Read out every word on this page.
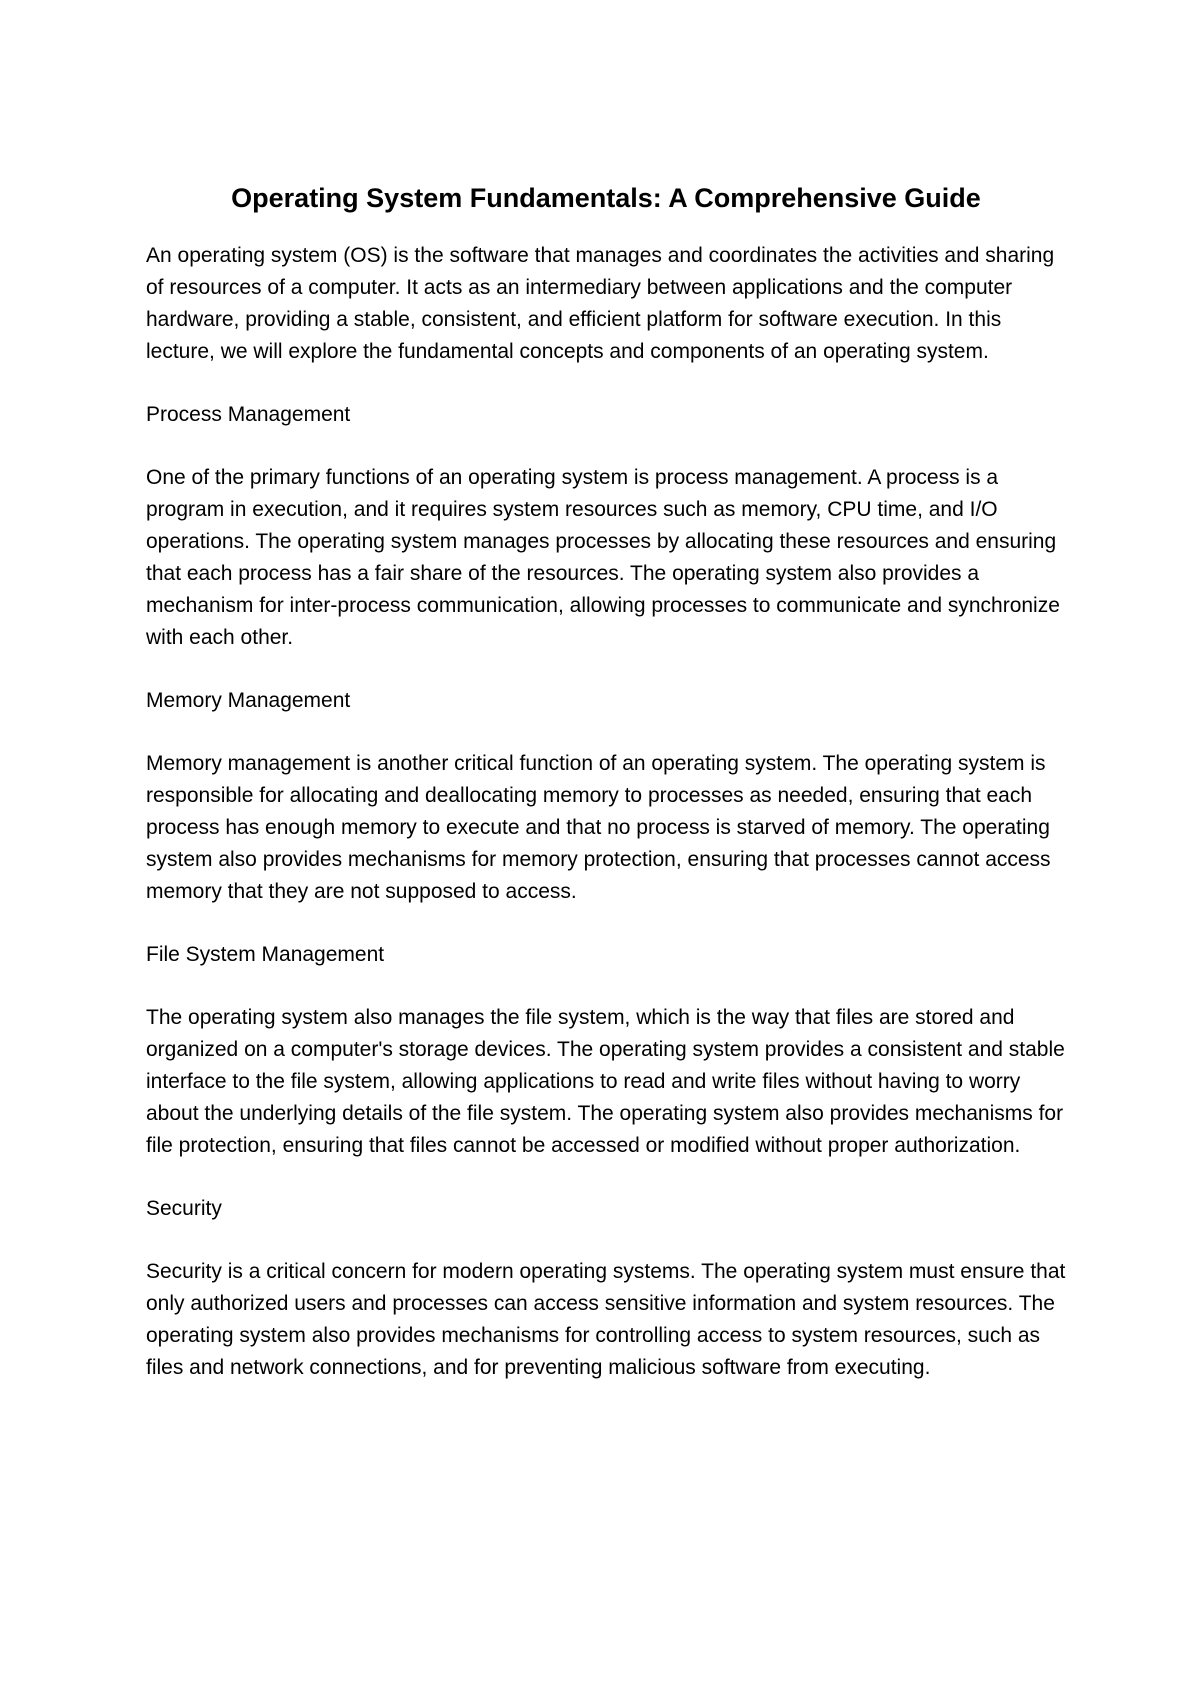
Operating System Fundamentals: A Comprehensive Guide

An operating system (OS) is the software that manages and coordinates the activities and sharing of resources of a computer. It acts as an intermediary between applications and the computer hardware, providing a stable, consistent, and efficient platform for software execution. In this lecture, we will explore the fundamental concepts and components of an operating system.

Process Management

One of the primary functions of an operating system is process management. A process is a program in execution, and it requires system resources such as memory, CPU time, and I/O operations. The operating system manages processes by allocating these resources and ensuring that each process has a fair share of the resources. The operating system also provides a mechanism for inter-process communication, allowing processes to communicate and synchronize with each other.

Memory Management

Memory management is another critical function of an operating system. The operating system is responsible for allocating and deallocating memory to processes as needed, ensuring that each process has enough memory to execute and that no process is starved of memory. The operating system also provides mechanisms for memory protection, ensuring that processes cannot access memory that they are not supposed to access.

File System Management

The operating system also manages the file system, which is the way that files are stored and organized on a computer's storage devices. The operating system provides a consistent and stable interface to the file system, allowing applications to read and write files without having to worry about the underlying details of the file system. The operating system also provides mechanisms for file protection, ensuring that files cannot be accessed or modified without proper authorization.

Security

Security is a critical concern for modern operating systems. The operating system must ensure that only authorized users and processes can access sensitive information and system resources. The operating system also provides mechanisms for controlling access to system resources, such as files and network connections, and for preventing malicious software from executing.
